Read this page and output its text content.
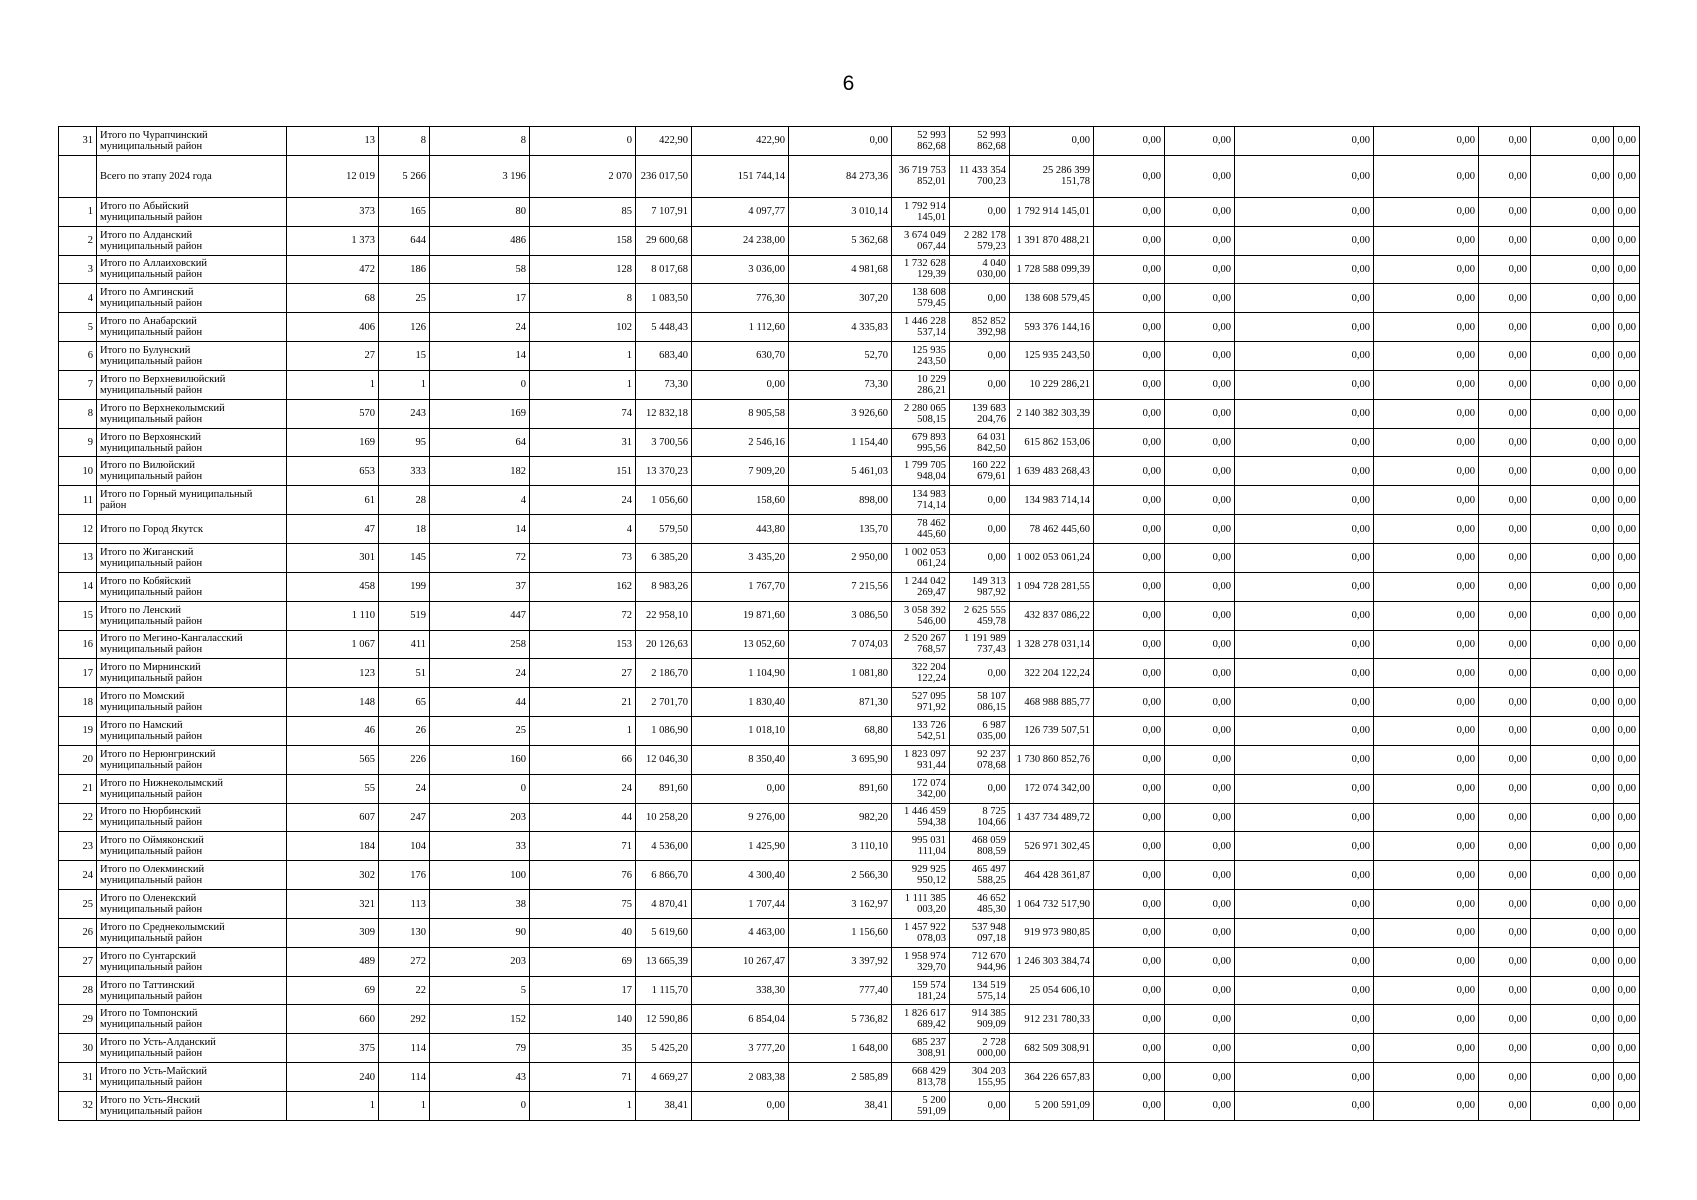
6
31	Итого по Чурапчинский
муниципальный район	13	8	8	0	422,90	422,90	0,00	52 993 862,68	52 993 862,68	0,00	0,00	0,00	0,00	0,00	0,00	0,00	0,00

	Всего по этапу 2024 года	12 019	5 266	3 196	2 070	236 017,50	151 744,14	84 273,36	36 719 753 852,01	11 433 354 700,23	25 286 399 151,78	0,00	0,00	0,00	0,00	0,00	0,00	0,00

1	Итого по Абыйский
муниципальный район	373	165	80	85	7 107,91	4 097,77	3 010,14	1 792 914 145,01	0,00	1 792 914 145,01	0,00	0,00	0,00	0,00	0,00	0,00	0,00

2	Итого по Алданский
муниципальный район	1 373	644	486	158	29 600,68	24 238,00	5 362,68	3 674 049 067,44	2 282 178 579,23	1 391 870 488,21	0,00	0,00	0,00	0,00	0,00	0,00	0,00

3	Итого по Аллаиховский
муниципальный район	472	186	58	128	8 017,68	3 036,00	4 981,68	1 732 628 129,39	4 040 030,00	1 728 588 099,39	0,00	0,00	0,00	0,00	0,00	0,00	0,00

4	Итого по Амгинский
муниципальный район	68	25	17	8	1 083,50	776,30	307,20	138 608 579,45	0,00	138 608 579,45	0,00	0,00	0,00	0,00	0,00	0,00	0,00

5	Итого по Анабарский
муниципальный район	406	126	24	102	5 448,43	1 112,60	4 335,83	1 446 228 537,14	852 852 392,98	593 376 144,16	0,00	0,00	0,00	0,00	0,00	0,00	0,00

6	Итого по Булунский
муниципальный район	27	15	14	1	683,40	630,70	52,70	125 935 243,50	0,00	125 935 243,50	0,00	0,00	0,00	0,00	0,00	0,00	0,00

7	Итого по Верхневилюйский
муниципальный район	1	1	0	1	73,30	0,00	73,30	10 229 286,21	0,00	10 229 286,21	0,00	0,00	0,00	0,00	0,00	0,00	0,00

8	Итого по Верхнеколымский
муниципальный район	570	243	169	74	12 832,18	8 905,58	3 926,60	2 280 065 508,15	139 683 204,76	2 140 382 303,39	0,00	0,00	0,00	0,00	0,00	0,00	0,00

9	Итого по Верхоянский
муниципальный район	169	95	64	31	3 700,56	2 546,16	1 154,40	679 893 995,56	64 031 842,50	615 862 153,06	0,00	0,00	0,00	0,00	0,00	0,00	0,00

10	Итого по Вилюйский
муниципальный район	653	333	182	151	13 370,23	7 909,20	5 461,03	1 799 705 948,04	160 222 679,61	1 639 483 268,43	0,00	0,00	0,00	0,00	0,00	0,00	0,00

11	Итого по Горный муниципальный
район	61	28	4	24	1 056,60	158,60	898,00	134 983 714,14	0,00	134 983 714,14	0,00	0,00	0,00	0,00	0,00	0,00	0,00

12	Итого по Город Якутск	47	18	14	4	579,50	443,80	135,70	78 462 445,60	0,00	78 462 445,60	0,00	0,00	0,00	0,00	0,00	0,00	0,00

13	Итого по Жиганский
муниципальный район	301	145	72	73	6 385,20	3 435,20	2 950,00	1 002 053 061,24	0,00	1 002 053 061,24	0,00	0,00	0,00	0,00	0,00	0,00	0,00

14	Итого по Кобяйский
муниципальный район	458	199	37	162	8 983,26	1 767,70	7 215,56	1 244 042 269,47	149 313 987,92	1 094 728 281,55	0,00	0,00	0,00	0,00	0,00	0,00	0,00

15	Итого по Ленский
муниципальный район	1 110	519	447	72	22 958,10	19 871,60	3 086,50	3 058 392 546,00	2 625 555 459,78	432 837 086,22	0,00	0,00	0,00	0,00	0,00	0,00	0,00

16	Итого по Мегино-Кангаласский
муниципальный район	1 067	411	258	153	20 126,63	13 052,60	7 074,03	2 520 267 768,57	1 191 989 737,43	1 328 278 031,14	0,00	0,00	0,00	0,00	0,00	0,00	0,00

17	Итого по Мирнинский
муниципальный район	123	51	24	27	2 186,70	1 104,90	1 081,80	322 204 122,24	0,00	322 204 122,24	0,00	0,00	0,00	0,00	0,00	0,00	0,00

18	Итого по Момский
муниципальный район	148	65	44	21	2 701,70	1 830,40	871,30	527 095 971,92	58 107 086,15	468 988 885,77	0,00	0,00	0,00	0,00	0,00	0,00	0,00

19	Итого по Намский
муниципальный район	46	26	25	1	1 086,90	1 018,10	68,80	133 726 542,51	6 987 035,00	126 739 507,51	0,00	0,00	0,00	0,00	0,00	0,00	0,00

20	Итого по Нерюнгринский
муниципальный район	565	226	160	66	12 046,30	8 350,40	3 695,90	1 823 097 931,44	92 237 078,68	1 730 860 852,76	0,00	0,00	0,00	0,00	0,00	0,00	0,00

21	Итого по Нижнеколымский
муниципальный район	55	24	0	24	891,60	0,00	891,60	172 074 342,00	0,00	172 074 342,00	0,00	0,00	0,00	0,00	0,00	0,00	0,00

22	Итого по Нюрбинский
муниципальный район	607	247	203	44	10 258,20	9 276,00	982,20	1 446 459 594,38	8 725 104,66	1 437 734 489,72	0,00	0,00	0,00	0,00	0,00	0,00	0,00

23	Итого по Оймяконский
муниципальный район	184	104	33	71	4 536,00	1 425,90	3 110,10	995 031 111,04	468 059 808,59	526 971 302,45	0,00	0,00	0,00	0,00	0,00	0,00	0,00

24	Итого по Олекминский
муниципальный район	302	176	100	76	6 866,70	4 300,40	2 566,30	929 925 950,12	465 497 588,25	464 428 361,87	0,00	0,00	0,00	0,00	0,00	0,00	0,00

25	Итого по Оленекский
муниципальный район	321	113	38	75	4 870,41	1 707,44	3 162,97	1 111 385 003,20	46 652 485,30	1 064 732 517,90	0,00	0,00	0,00	0,00	0,00	0,00	0,00

26	Итого по Среднеколымский
муниципальный район	309	130	90	40	5 619,60	4 463,00	1 156,60	1 457 922 078,03	537 948 097,18	919 973 980,85	0,00	0,00	0,00	0,00	0,00	0,00	0,00

27	Итого по Сунтарский
муниципальный район	489	272	203	69	13 665,39	10 267,47	3 397,92	1 958 974 329,70	712 670 944,96	1 246 303 384,74	0,00	0,00	0,00	0,00	0,00	0,00	0,00

28	Итого по Таттинский
муниципальный район	69	22	5	17	1 115,70	338,30	777,40	159 574 181,24	134 519 575,14	25 054 606,10	0,00	0,00	0,00	0,00	0,00	0,00	0,00

29	Итого по Томпонский
муниципальный район	660	292	152	140	12 590,86	6 854,04	5 736,82	1 826 617 689,42	914 385 909,09	912 231 780,33	0,00	0,00	0,00	0,00	0,00	0,00	0,00

30	Итого по Усть-Алданский
муниципальный район	375	114	79	35	5 425,20	3 777,20	1 648,00	685 237 308,91	2 728 000,00	682 509 308,91	0,00	0,00	0,00	0,00	0,00	0,00	0,00

31	Итого по Усть-Майский
муниципальный район	240	114	43	71	4 669,27	2 083,38	2 585,89	668 429 813,78	304 203 155,95	364 226 657,83	0,00	0,00	0,00	0,00	0,00	0,00	0,00

32	Итого по Усть-Янский
муниципальный район	1	1	0	1	38,41	0,00	38,41	5 200 591,09	0,00	5 200 591,09	0,00	0,00	0,00	0,00	0,00	0,00	0,00
